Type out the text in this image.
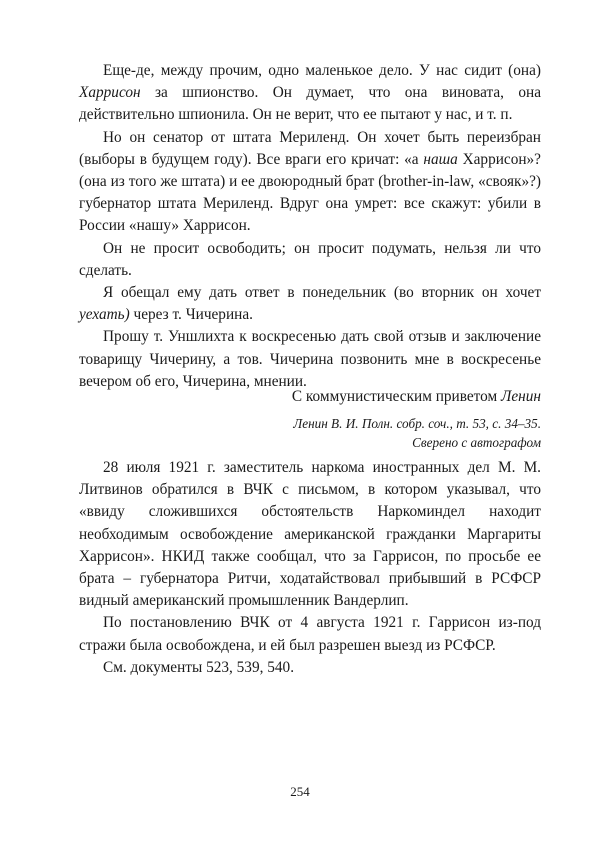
Еще-де, между прочим, одно маленькое дело. У нас сидит (она) Харрисон за шпионство. Он думает, что она виновата, она действительно шпионила. Он не верит, что ее пытают у нас, и т. п.

Но он сенатор от штата Мериленд. Он хочет быть переизбран (выборы в будущем году). Все враги его кричат: «а наша Харрисон»? (она из того же штата) и ее двоюродный брат (brother-in-law, «свояк»?) губернатор штата Мериленд. Вдруг она умрет: все скажут: убили в России «нашу» Харрисон.

Он не просит освободить; он просит подумать, нельзя ли что сделать.

Я обещал ему дать ответ в понедельник (во вторник он хочет уехать) через т. Чичерина.

Прошу т. Уншлихта к воскресенью дать свой отзыв и заключение товарищу Чичерину, а тов. Чичерина позвонить мне в воскресенье вечером об его, Чичерина, мнении.

С коммунистическим приветом Ленин
Ленин В. И. Полн. собр. соч., т. 53, с. 34–35.
Сверено с автографом

28 июля 1921 г. заместитель наркома иностранных дел М. М. Литвинов обратился в ВЧК с письмом, в котором указывал, что «ввиду сложившихся обстоятельств Наркоминдел находит необходимым освобождение американской гражданки Маргариты Харрисон». НКИД также сообщал, что за Гаррисон, по просьбе ее брата – губернатора Ритчи, ходатайствовал прибывший в РСФСР видный американский промышленник Вандерлип.

По постановлению ВЧК от 4 августа 1921 г. Гаррисон из-под стражи была освобождена, и ей был разрешен выезд из РСФСР.

См. документы 523, 539, 540.

254
